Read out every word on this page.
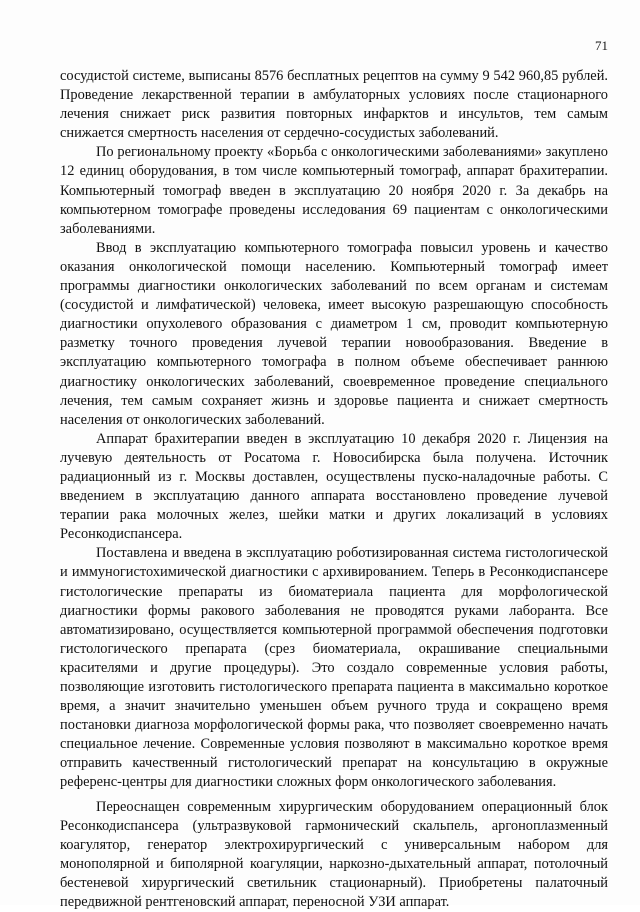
71

сосудистой системе, выписаны 8576 бесплатных рецептов на сумму 9 542 960,85 рублей. Проведение лекарственной терапии в амбулаторных условиях после стационарного лечения снижает риск развития повторных инфарктов и инсультов, тем самым снижается смертность населения от сердечно-сосудистых заболеваний.

По региональному проекту «Борьба с онкологическими заболеваниями» закуплено 12 единиц оборудования, в том числе компьютерный томограф, аппарат брахитерапии. Компьютерный томограф введен в эксплуатацию 20 ноября 2020 г. За декабрь на компьютерном томографе проведены исследования 69 пациентам с онкологическими заболеваниями.

Ввод в эксплуатацию компьютерного томографа повысил уровень и качество оказания онкологической помощи населению. Компьютерный томограф имеет программы диагностики онкологических заболеваний по всем органам и системам (сосудистой и лимфатической) человека, имеет высокую разрешающую способность диагностики опухолевого образования с диаметром 1 см, проводит компьютерную разметку точного проведения лучевой терапии новообразования. Введение в эксплуатацию компьютерного томографа в полном объеме обеспечивает раннюю диагностику онкологических заболеваний, своевременное проведение специального лечения, тем самым сохраняет жизнь и здоровье пациента и снижает смертность населения от онкологических заболеваний.

Аппарат брахитерапии введен в эксплуатацию 10 декабря 2020 г. Лицензия на лучевую деятельность от Росатома г. Новосибирска была получена. Источник радиационный из г. Москвы доставлен, осуществлены пуско-наладочные работы. С введением в эксплуатацию данного аппарата восстановлено проведение лучевой терапии рака молочных желез, шейки матки и других локализаций в условиях Ресонкодиспансера.

Поставлена и введена в эксплуатацию роботизированная система гистологической и иммуногистохимической диагностики с архивированием. Теперь в Ресонкодиспансере гистологические препараты из биоматериала пациента для морфологической диагностики формы ракового заболевания не проводятся руками лаборанта. Все автоматизировано, осуществляется компьютерной программой обеспечения подготовки гистологического препарата (срез биоматериала, окрашивание специальными красителями и другие процедуры). Это создало современные условия работы, позволяющие изготовить гистологического препарата пациента в максимально короткое время, а значит значительно уменьшен объем ручного труда и сокращено время постановки диагноза морфологической формы рака, что позволяет своевременно начать специальное лечение. Современные условия позволяют в максимально короткое время отправить качественный гистологический препарат на консультацию в окружные референс-центры для диагностики сложных форм онкологического заболевания.

Переоснащен современным хирургическим оборудованием операционный блок Ресонкодиспансера (ультразвуковой гармонический скальпель, аргоноплазменный коагулятор, генератор электрохирургический с универсальным набором для монополярной и биполярной коагуляции, наркозно-дыхательный аппарат, потолочный бестеневой хирургический светильник стационарный). Приобретены палаточный передвижной рентгеновский аппарат, переносной УЗИ аппарат.
